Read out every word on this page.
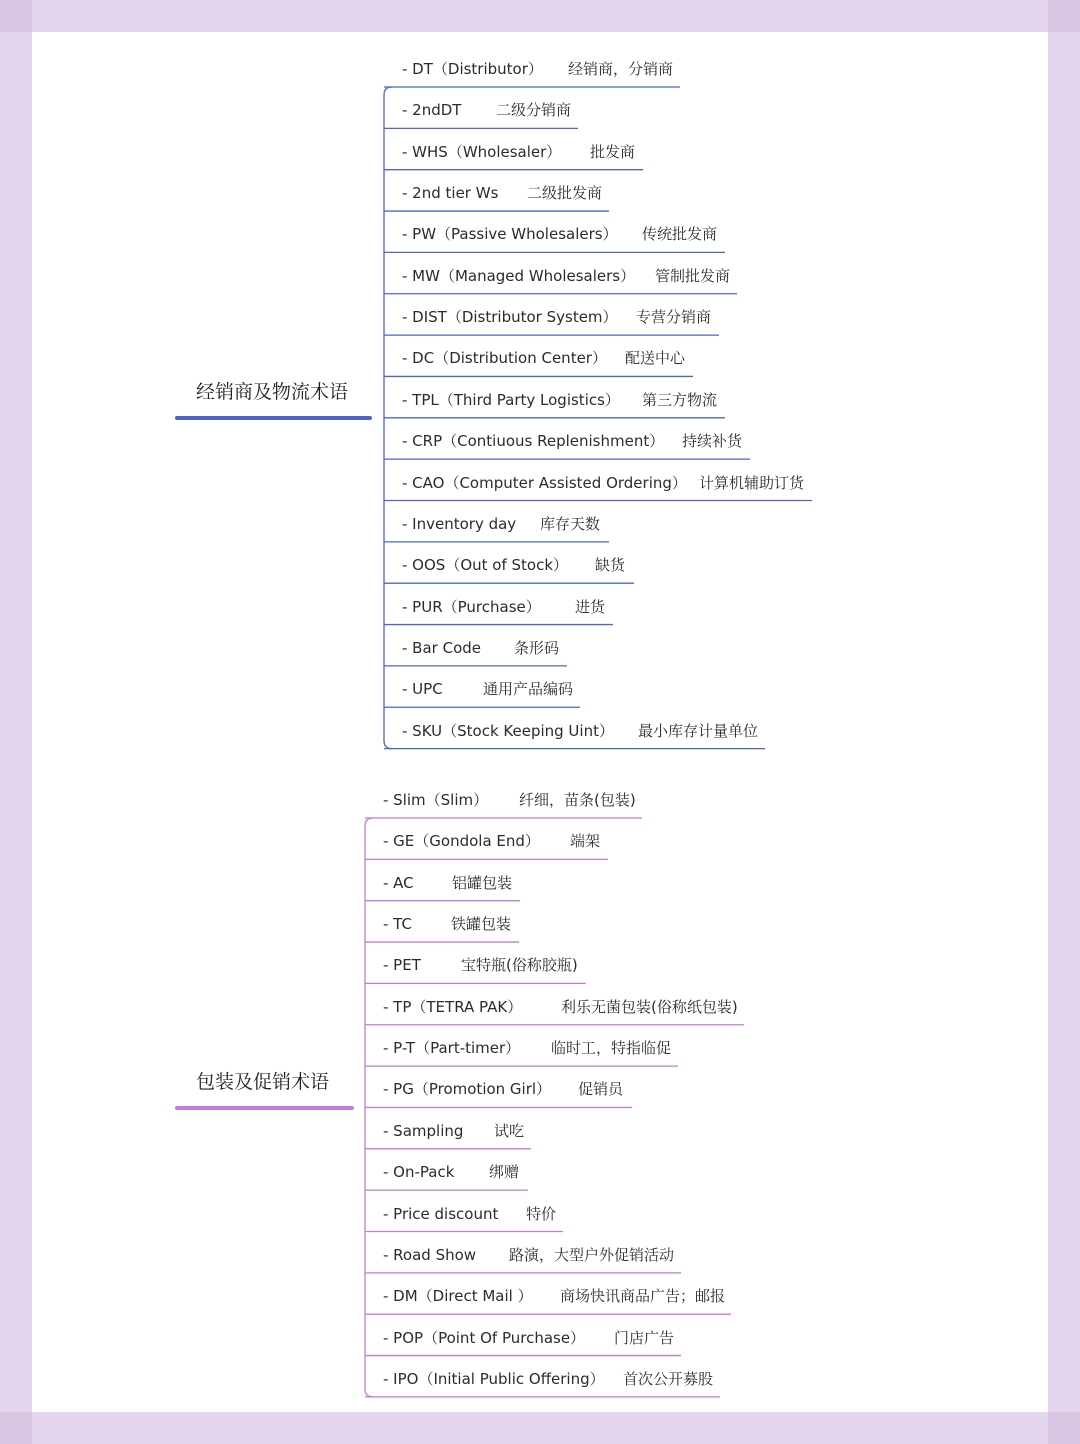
经销商及物流术语
包装及促销术语
- DT（Distributor） 经销商，分销商
- 2ndDT 二级分销商
- WHS（Wholesaler） 批发商
- 2nd tier Ws 二级批发商
- PW（Passive Wholesalers） 传统批发商
- MW（Managed Wholesalers） 管制批发商
- DIST（Distributor System） 专营分销商
- DC（Distribution Center） 配送中心
- TPL（Third Party Logistics） 第三方物流
- CRP（Contiuous Replenishment） 持续补货
- CAO（Computer Assisted Ordering） 计算机辅助订货
- Inventory day 库存天数
- OOS（Out of Stock） 缺货
- PUR（Purchase） 进货
- Bar Code 条形码
- UPC	通用产品编码
- SKU（Stock Keeping Uint） 最小库存计量单位
- Slim（Slim） 纤细，苗条(包装)
- GE（Gondola End） 端架
- AC	铝罐包装
- TC	铁罐包装
- PET	宝特瓶(俗称胶瓶)
- TP（TETRA PAK）	利乐无菌包装(俗称纸包装)
- P-T（Part-timer） 临时工，特指临促
- PG（Promotion Girl） 促销员
- Sampling 试吃
- On-Pack 绑赠
- Price discount 特价
- Road Show 路演，大型户外促销活动
- DM（Direct Mail ） 商场快讯商品广告；邮报
- POP（Point Of Purchase） 门店广告
- IPO（Initial Public Offering） 首次公开募股
